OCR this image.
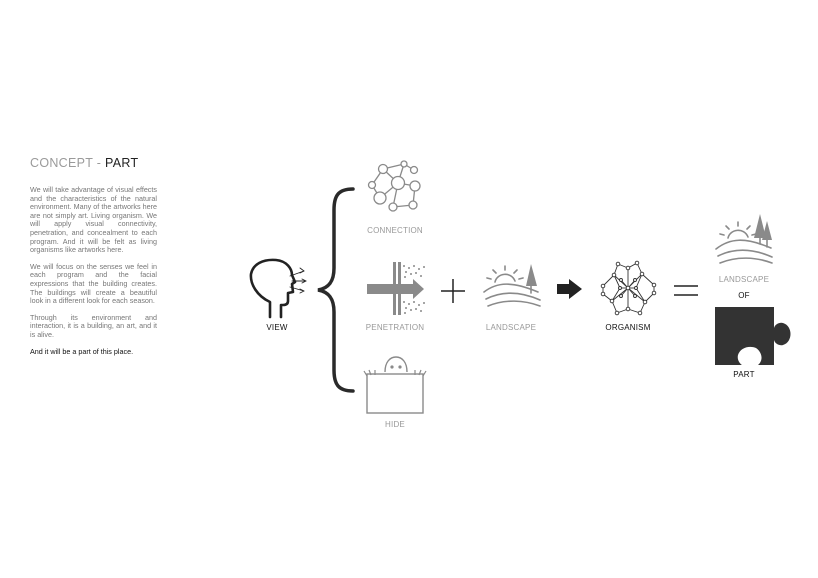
CONCEPT - PART

We will take advantage of visual effects and the characteristics of the natural environment. Many of the artworks here are not simply art. Living organism. We will apply visual connectivity, penetration, and concealment to each program. And it will be felt as living organisms like artworks here.

We will focus on the senses we feel in each program and the facial expressions that the building creates. The buildings will create a beautiful look in a different look for each season.

Through its environment and interaction, it is a building, an art, and it is alive.

And it will be a part of this place.

VIEW
CONNECTION
PENETRATION
HIDE
LANDSCAPE	ORGANISM
LANDSCAPE
OF
PART
